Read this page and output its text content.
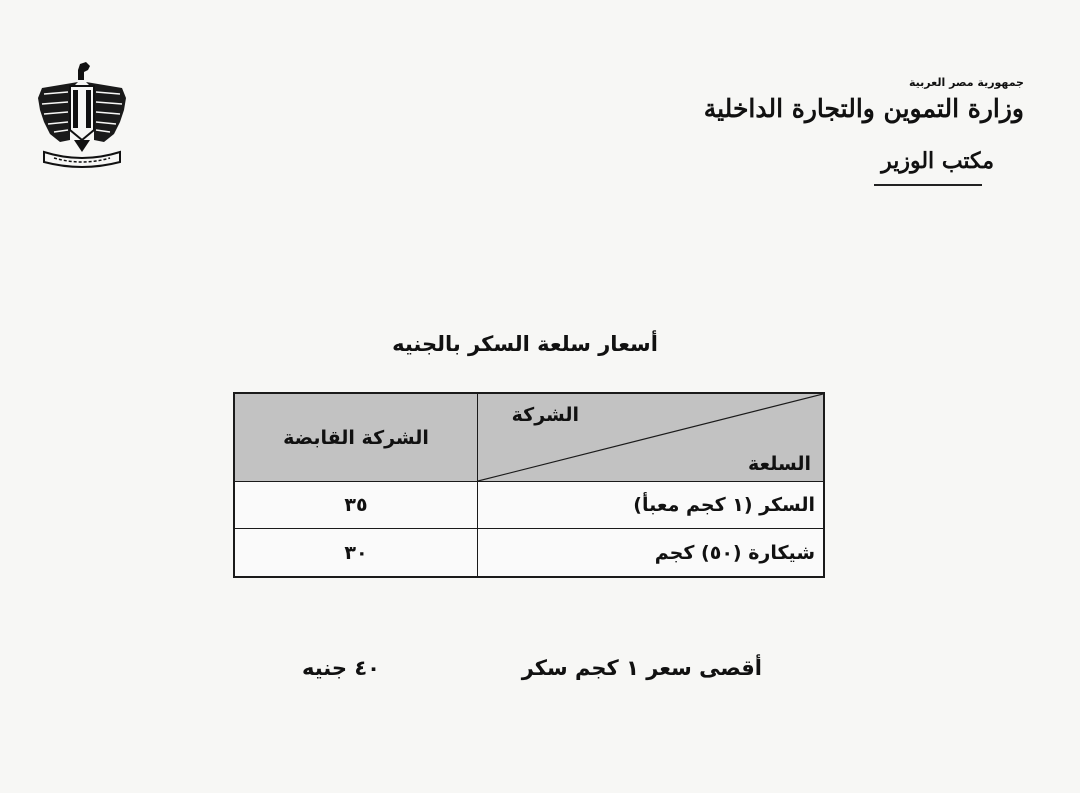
جمهورية مصر العربية
وزارة التموين والتجارة الداخلية
مكتب الوزير
أسعار سلعة السكر بالجنيه
الشركة
السلعة
الشركة القابضة
السكر (١ كجم معبأ)
٣٥
شيكارة (٥٠) كجم
٣٠
أقصى سعر ١ كجم سكر
٤٠ جنيه
